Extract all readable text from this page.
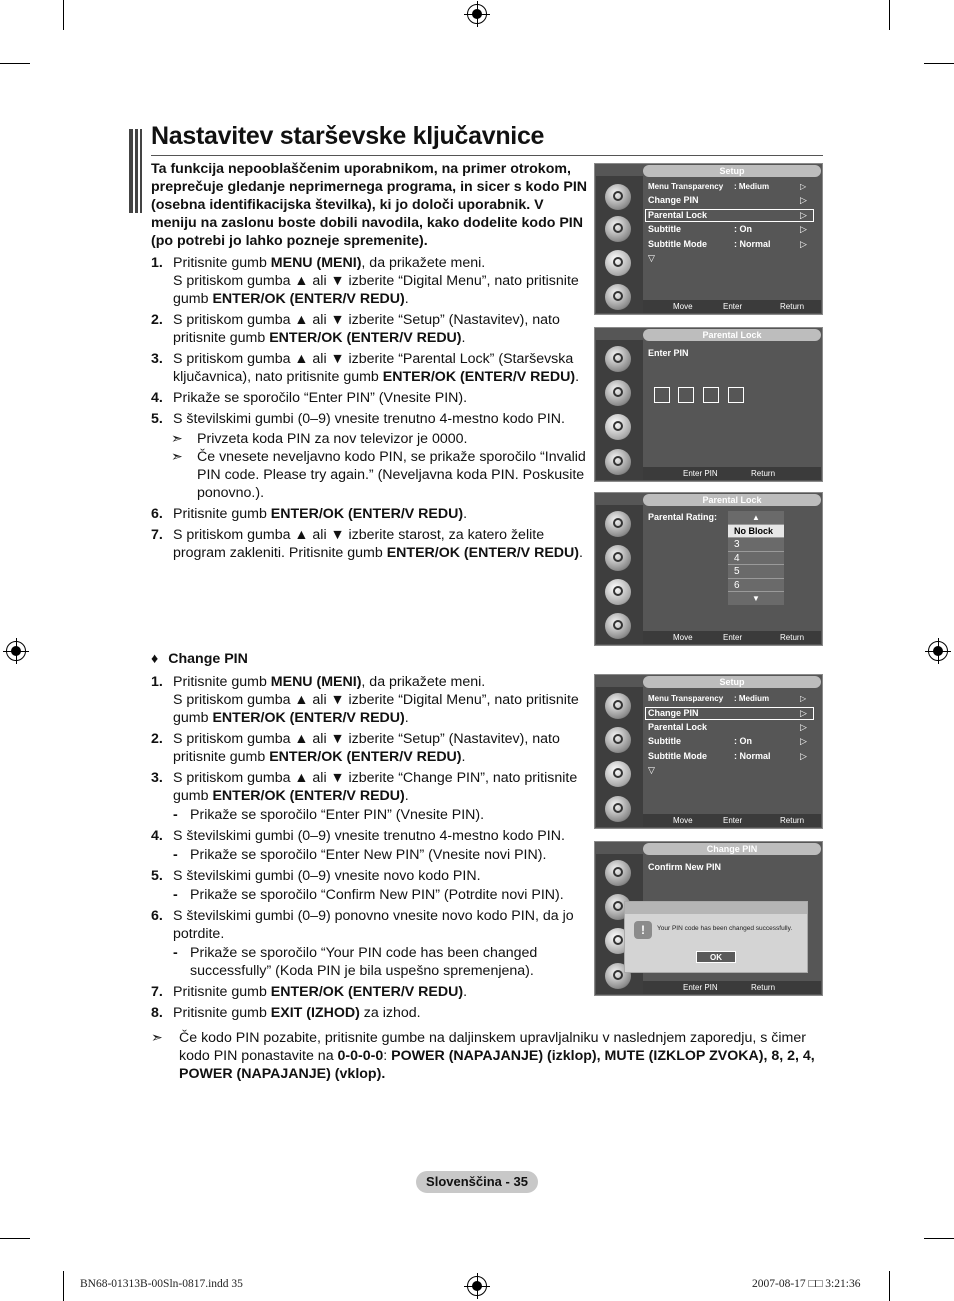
Nastavitev starševske ključavnice
Ta funkcija nepooblaščenim uporabnikom, na primer otrokom, preprečuje gledanje neprimernega programa, in sicer s kodo PIN (osebna identifikacijska številka), ki jo določi uporabnik. V meniju na zaslonu boste dobili navodila, kako dodelite kodo PIN (po potrebi jo lahko pozneje spremenite).
1. Pritisnite gumb MENU (MENI), da prikažete meni.
S pritiskom gumba ▲ ali ▼ izberite “Digital Menu”, nato pritisnite gumb ENTER/OK (ENTER/V REDU).
2. S pritiskom gumba ▲ ali ▼ izberite “Setup” (Nastavitev), nato pritisnite gumb ENTER/OK (ENTER/V REDU).
3. S pritiskom gumba ▲ ali ▼ izberite “Parental Lock” (Starševska ključavnica), nato pritisnite gumb ENTER/OK (ENTER/V REDU).
4. Prikaže se sporočilo “Enter PIN” (Vnesite PIN).
5. S številskimi gumbi (0–9) vnesite trenutno 4-mestno kodo PIN.
➣ Privzeta koda PIN za nov televizor je 0000.
➣ Če vnesete neveljavno kodo PIN, se prikaže sporočilo “Invalid PIN code. Please try again.” (Neveljavna koda PIN. Poskusite ponovno.).
6. Pritisnite gumb ENTER/OK (ENTER/V REDU).
7. S pritiskom gumba ▲ ali ▼ izberite starost, za katero želite program zakleniti. Pritisnite gumb ENTER/OK (ENTER/V REDU).
♦ Change PIN
1. Pritisnite gumb MENU (MENI), da prikažete meni.
S pritiskom gumba ▲ ali ▼ izberite “Digital Menu”, nato pritisnite gumb ENTER/OK (ENTER/V REDU).
2. S pritiskom gumba ▲ ali ▼ izberite “Setup” (Nastavitev), nato pritisnite gumb ENTER/OK (ENTER/V REDU).
3. S pritiskom gumba ▲ ali ▼ izberite “Change PIN”, nato pritisnite gumb ENTER/OK (ENTER/V REDU).
- Prikaže se sporočilo “Enter PIN” (Vnesite PIN).
4. S številskimi gumbi (0–9) vnesite trenutno 4-mestno kodo PIN.
- Prikaže se sporočilo “Enter New PIN” (Vnesite novi PIN).
5. S številskimi gumbi (0–9) vnesite novo kodo PIN.
- Prikaže se sporočilo “Confirm New PIN” (Potrdite novi PIN).
6. S številskimi gumbi (0–9) ponovno vnesite novo kodo PIN, da jo potrdite.
- Prikaže se sporočilo “Your PIN code has been changed successfully” (Koda PIN je bila uspešno spremenjena).
7. Pritisnite gumb ENTER/OK (ENTER/V REDU).
8. Pritisnite gumb EXIT (IZHOD) za izhod.
➣ Če kodo PIN pozabite, pritisnite gumbe na daljinskem upravljalniku v naslednjem zaporedju, s čimer kodo PIN ponastavite na 0-0-0-0: POWER (NAPAJANJE) (izklop), MUTE (IZKLOP ZVOKA), 8, 2, 4, POWER (NAPAJANJE) (vklop).
Setup
Menu Transparency : Medium	▷
Change PIN	▷
Parental Lock	▷
Subtitle	: On	▷
Subtitle Mode	: Normal	▷
▽
Move	Enter	Return
Parental Lock
Enter PIN
Enter PIN	Return
Parental Lock
Parental Rating:	▲
No Block
3
4
5
6
▼
Move	Enter	Return
Setup
Menu Transparency : Medium	▷
Change PIN	▷
Parental Lock	▷
Subtitle	: On	▷
Subtitle Mode	: Normal	▷
▽
Move	Enter	Return
Change PIN
Confirm New PIN
!	Your PIN code has been changed successfully.
OK
Enter PIN	Return
Slovenščina - 35
BN68-01313B-00Sln-0817.indd 35	2007-08-17 □□ 3:21:36
